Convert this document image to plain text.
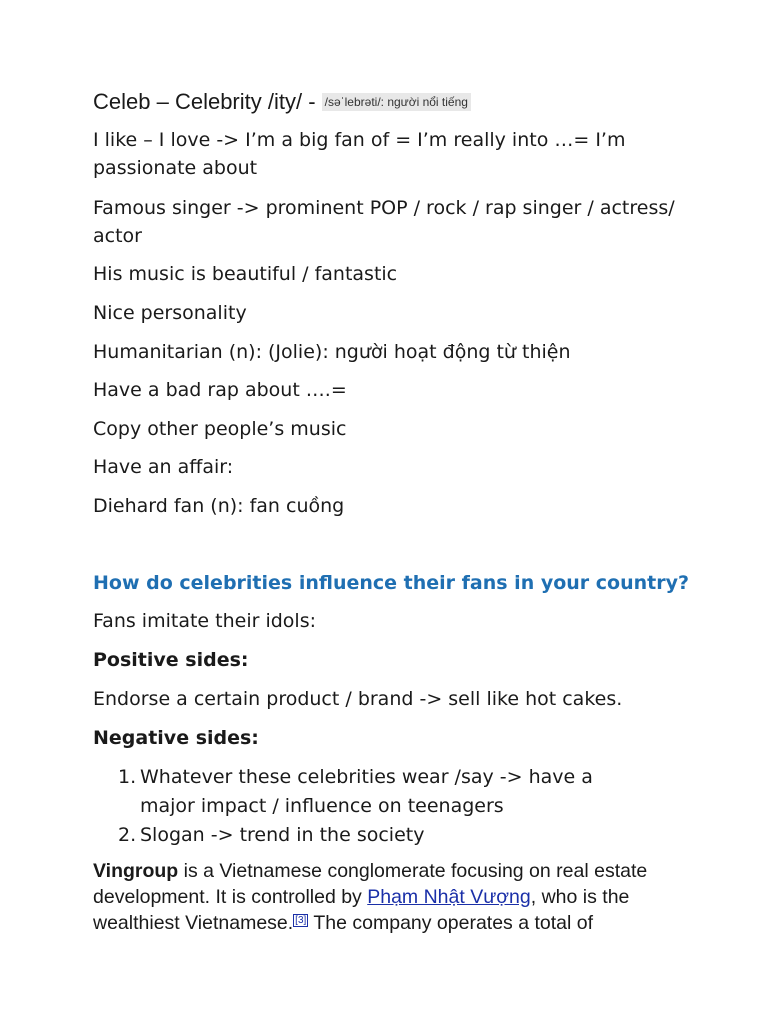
Celeb – Celebrity /ity/ - /səˈlebrəti/: người nổi tiếng

I like – I love -> I’m a big fan of = I’m really into …= I’m passionate about

Famous singer -> prominent POP / rock / rap singer / actress/ actor

His music is beautiful / fantastic

Nice personality

Humanitarian (n): (Jolie): người hoạt động từ thiện

Have a bad rap about ….=

Copy other people’s music

Have an affair:

Diehard fan (n): fan cuồng

How do celebrities influence their fans in your country?

Fans imitate their idols:

Positive sides:

Endorse a certain product / brand -> sell like hot cakes.

Negative sides:

1. Whatever these celebrities wear /say -> have a major impact / influence on teenagers
2. Slogan -> trend in the society

Vingroup is a Vietnamese conglomerate focusing on real estate development. It is controlled by Phạm Nhật Vượng, who is the wealthiest Vietnamese. [3] The company operates a total of
